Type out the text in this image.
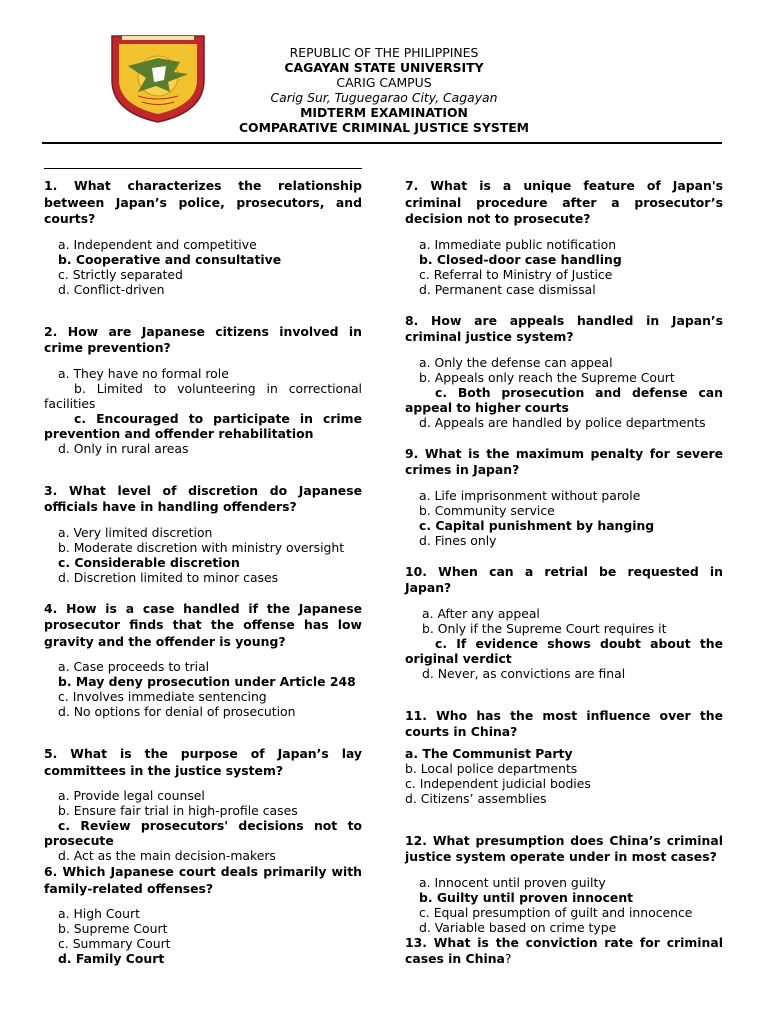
REPUBLIC OF THE PHILIPPINES
CAGAYAN STATE UNIVERSITY
CARIG CAMPUS
Carig Sur, Tuguegarao City, Cagayan
MIDTERM EXAMINATION
COMPARATIVE CRIMINAL JUSTICE SYSTEM
1. What characterizes the relationship between Japan’s police, prosecutors, and courts?
a. Independent and competitive
b. Cooperative and consultative
c. Strictly separated
d. Conflict-driven
2. How are Japanese citizens involved in crime prevention?
a. They have no formal role
b. Limited to volunteering in correctional facilities
c. Encouraged to participate in crime prevention and offender rehabilitation
d. Only in rural areas
3. What level of discretion do Japanese officials have in handling offenders?
a. Very limited discretion
b. Moderate discretion with ministry oversight
c. Considerable discretion
d. Discretion limited to minor cases
4. How is a case handled if the Japanese prosecutor finds that the offense has low gravity and the offender is young?
a. Case proceeds to trial
b. May deny prosecution under Article 248
c. Involves immediate sentencing
d. No options for denial of prosecution
5. What is the purpose of Japan’s lay committees in the justice system?
a. Provide legal counsel
b. Ensure fair trial in high-profile cases
c. Review prosecutors' decisions not to prosecute
d. Act as the main decision-makers
6. Which Japanese court deals primarily with family-related offenses?
a. High Court
b. Supreme Court
c. Summary Court
d. Family Court
7. What is a unique feature of Japan's criminal procedure after a prosecutor’s decision not to prosecute?
a. Immediate public notification
b. Closed-door case handling
c. Referral to Ministry of Justice
d. Permanent case dismissal
8. How are appeals handled in Japan’s criminal justice system?
a. Only the defense can appeal
b. Appeals only reach the Supreme Court
c. Both prosecution and defense can appeal to higher courts
d. Appeals are handled by police departments
9. What is the maximum penalty for severe crimes in Japan?
a. Life imprisonment without parole
b. Community service
c. Capital punishment by hanging
d. Fines only
10. When can a retrial be requested in Japan?
a. After any appeal
b. Only if the Supreme Court requires it
c. If evidence shows doubt about the original verdict
d. Never, as convictions are final
11. Who has the most influence over the courts in China?
a. The Communist Party
b. Local police departments
c. Independent judicial bodies
d. Citizens’ assemblies
12. What presumption does China’s criminal justice system operate under in most cases?
a. Innocent until proven guilty
b. Guilty until proven innocent
c. Equal presumption of guilt and innocence
d. Variable based on crime type
13. What is the conviction rate for criminal cases in China?
